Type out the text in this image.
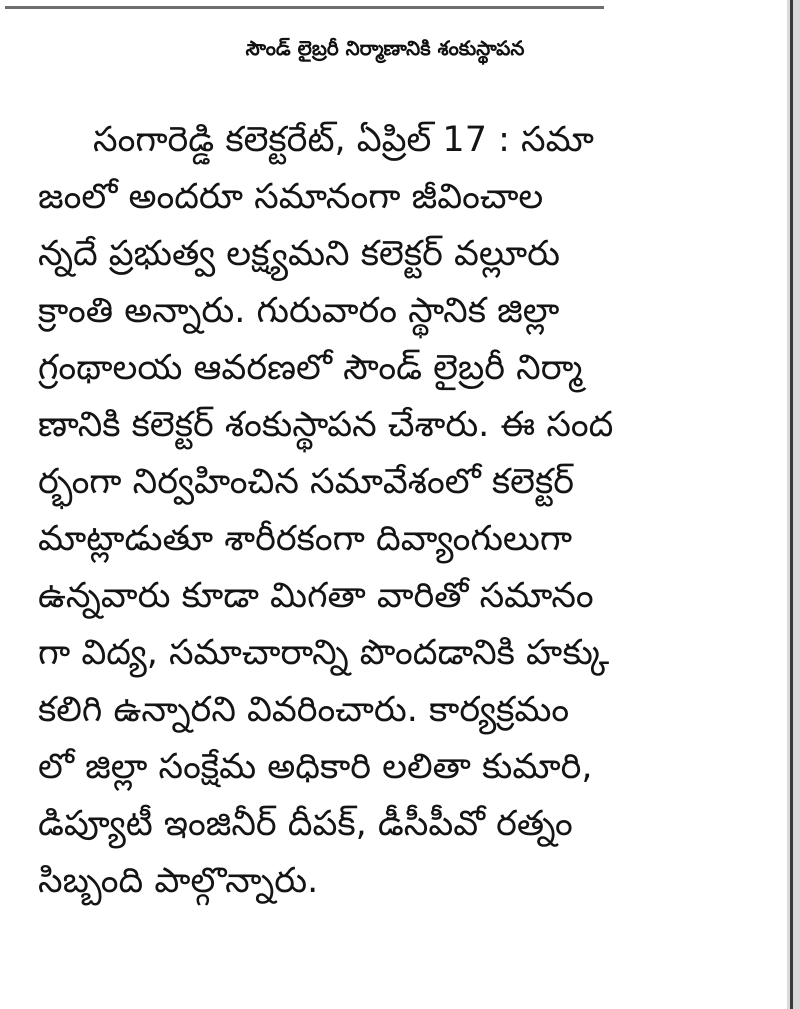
సౌండ్ లైబ్రరీ నిర్మాణానికి శంకుస్థాపన
సంగారెడ్డి కలెక్టరేట్, ఏప్రిల్ 17 : సమా
జంలో అందరూ సమానంగా జీవించాల
న్నదే ప్రభుత్వ లక్ష్యమని కలెక్టర్ వల్లూరు
క్రాంతి అన్నారు. గురువారం స్థానిక జిల్లా
గ్రంథాలయ ఆవరణలో సౌండ్ లైబ్రరీ నిర్మా
ణానికి కలెక్టర్ శంకుస్థాపన చేశారు. ఈ సంద
ర్భంగా నిర్వహించిన సమావేశంలో కలెక్టర్
మాట్లాడుతూ శారీరకంగా దివ్యాంగులుగా
ఉన్నవారు కూడా మిగతా వారితో సమానం
గా విద్య, సమాచారాన్ని పొందడానికి హక్కు
కలిగి ఉన్నారని వివరించారు. కార్యక్రమం
లో జిల్లా సంక్షేమ అధికారి లలితా కుమారి,
డిప్యూటీ ఇంజినీర్ దీపక్, డీసీపీవో రత్నం
సిబ్బంది పాల్గొన్నారు.
